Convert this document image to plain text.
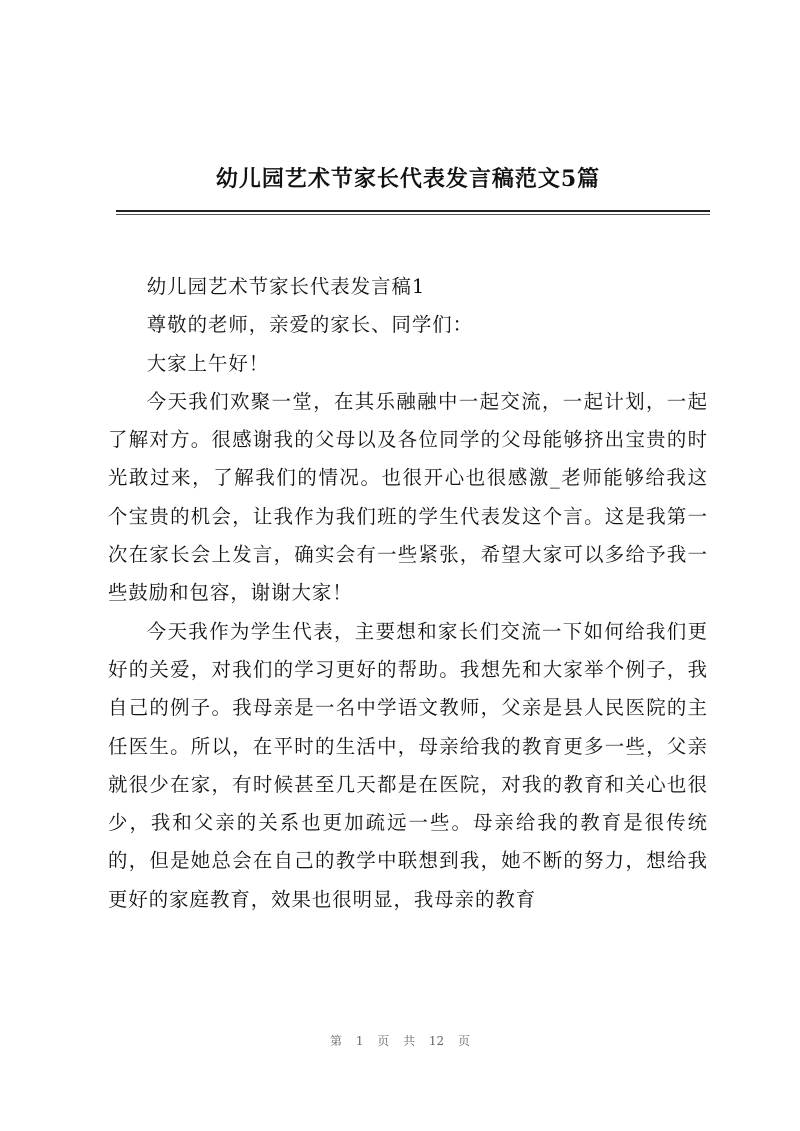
幼儿园艺术节家长代表发言稿范文5篇

幼儿园艺术节家长代表发言稿1

尊敬的老师，亲爱的家长、同学们：

大家上午好！

今天我们欢聚一堂，在其乐融融中一起交流，一起计划，一起了解对方。很感谢我的父母以及各位同学的父母能够挤出宝贵的时光敢过来，了解我们的情况。也很开心也很感激_老师能够给我这个宝贵的机会，让我作为我们班的学生代表发这个言。这是我第一次在家长会上发言，确实会有一些紧张，希望大家可以多给予我一些鼓励和包容，谢谢大家！

今天我作为学生代表，主要想和家长们交流一下如何给我们更好的关爱，对我们的学习更好的帮助。我想先和大家举个例子，我自己的例子。我母亲是一名中学语文教师，父亲是县人民医院的主任医生。所以，在平时的生活中，母亲给我的教育更多一些，父亲就很少在家，有时候甚至几天都是在医院，对我的教育和关心也很少，我和父亲的关系也更加疏远一些。母亲给我的教育是很传统的，但是她总会在自己的教学中联想到我，她不断的努力，想给我更好的家庭教育，效果也很明显，我母亲的教育

第 1 页 共 12 页
